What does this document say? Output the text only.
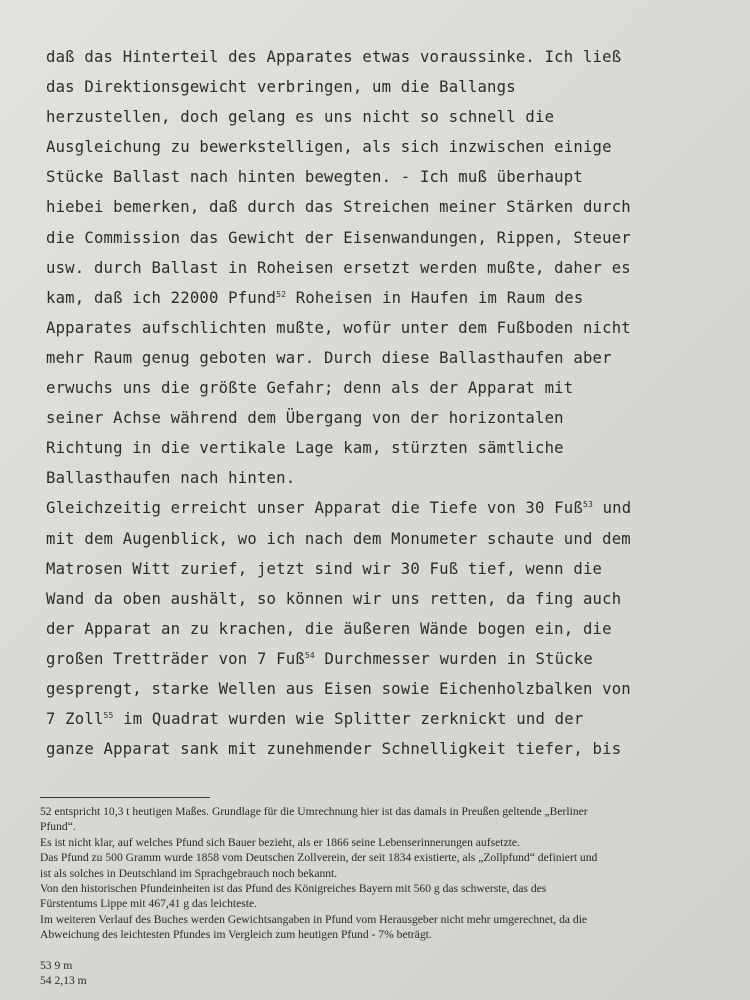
daß das Hinterteil des Apparates etwas voraussinke. Ich ließ

das Direktionsgewicht verbringen, um die Ballangs

herzustellen, doch gelang es uns nicht so schnell die

Ausgleichung zu bewerkstelligen, als sich inzwischen einige

Stücke Ballast nach hinten bewegten. - Ich muß überhaupt

hiebei bemerken, daß durch das Streichen meiner Stärken durch

die Commission das Gewicht der Eisenwandungen, Rippen, Steuer

usw. durch Ballast in Roheisen ersetzt werden mußte, daher es

kam, daß ich 22000 Pfund$^{52}$ Roheisen in Haufen im Raum des

Apparates aufschlichten mußte, wofür unter dem Fußboden nicht

mehr Raum genug geboten war. Durch diese Ballasthaufen aber

erwuchs uns die größte Gefahr; denn als der Apparat mit

seiner Achse während dem Übergang von der horizontalen

Richtung in die vertikale Lage kam, stürzten sämtliche

Ballasthaufen nach hinten.

Gleichzeitig erreicht unser Apparat die Tiefe von 30 Fuß$^{53}$ und

mit dem Augenblick, wo ich nach dem Monumeter schaute und dem

Matrosen Witt zurief, jetzt sind wir 30 Fuß tief, wenn die

Wand da oben aushält, so können wir uns retten, da fing auch

der Apparat an zu krachen, die äußeren Wände bogen ein, die

großen Tretträder von 7 Fuß$^{54}$ Durchmesser wurden in Stücke

gesprengt, starke Wellen aus Eisen sowie Eichenholzbalken von

7 Zoll$^{55}$ im Quadrat wurden wie Splitter zerknickt und der

ganze Apparat sank mit zunehmender Schnelligkeit tiefer, bis

52 entspricht 10,3 t heutigen Maßes. Grundlage für die Umrechnung hier ist das damals in Preußen geltende „Berliner

Pfund“.

Es ist nicht klar, auf welches Pfund sich Bauer bezieht, als er 1866 seine Lebenserinnerungen aufsetzte.

Das Pfund zu 500 Gramm wurde 1858 vom Deutschen Zollverein, der seit 1834 existierte, als „Zollpfund“ definiert und

ist als solches in Deutschland im Sprachgebrauch noch bekannt.

Von den historischen Pfundeinheiten ist das Pfund des Königreiches Bayern mit 560 g das schwerste, das des

Fürstentums Lippe mit 467,41 g das leichteste.

Im weiteren Verlauf des Buches werden Gewichtsangaben in Pfund vom Herausgeber nicht mehr umgerechnet, da die

Abweichung des leichtesten Pfundes im Vergleich zum heutigen Pfund - 7% beträgt.

53 9 m

54 2,13 m
